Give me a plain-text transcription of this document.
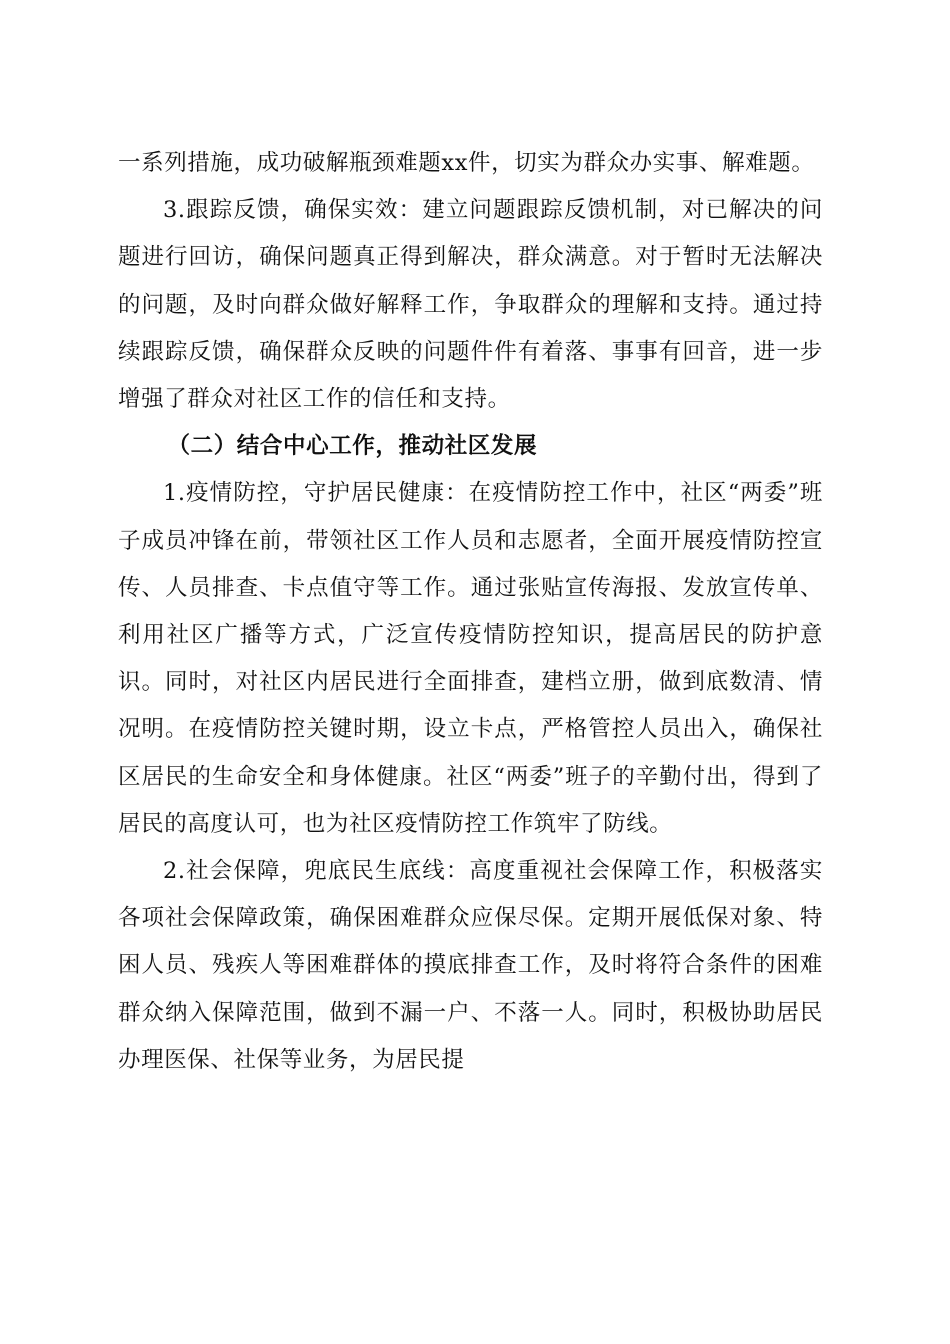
一系列措施，成功破解瓶颈难题xx件，切实为群众办实事、解难题。

3.跟踪反馈，确保实效：建立问题跟踪反馈机制，对已解决的问题进行回访，确保问题真正得到解决，群众满意。对于暂时无法解决的问题，及时向群众做好解释工作，争取群众的理解和支持。通过持续跟踪反馈，确保群众反映的问题件件有着落、事事有回音，进一步增强了群众对社区工作的信任和支持。

（二）结合中心工作，推动社区发展

1.疫情防控，守护居民健康：在疫情防控工作中，社区“两委”班子成员冲锋在前，带领社区工作人员和志愿者，全面开展疫情防控宣传、人员排查、卡点值守等工作。通过张贴宣传海报、发放宣传单、利用社区广播等方式，广泛宣传疫情防控知识，提高居民的防护意识。同时，对社区内居民进行全面排查，建档立册，做到底数清、情况明。在疫情防控关键时期，设立卡点，严格管控人员出入，确保社区居民的生命安全和身体健康。社区“两委”班子的辛勤付出，得到了居民的高度认可，也为社区疫情防控工作筑牢了防线。

2.社会保障，兜底民生底线：高度重视社会保障工作，积极落实各项社会保障政策，确保困难群众应保尽保。定期开展低保对象、特困人员、残疾人等困难群体的摸底排查工作，及时将符合条件的困难群众纳入保障范围，做到不漏一户、不落一人。同时，积极协助居民办理医保、社保等业务，为居民提
